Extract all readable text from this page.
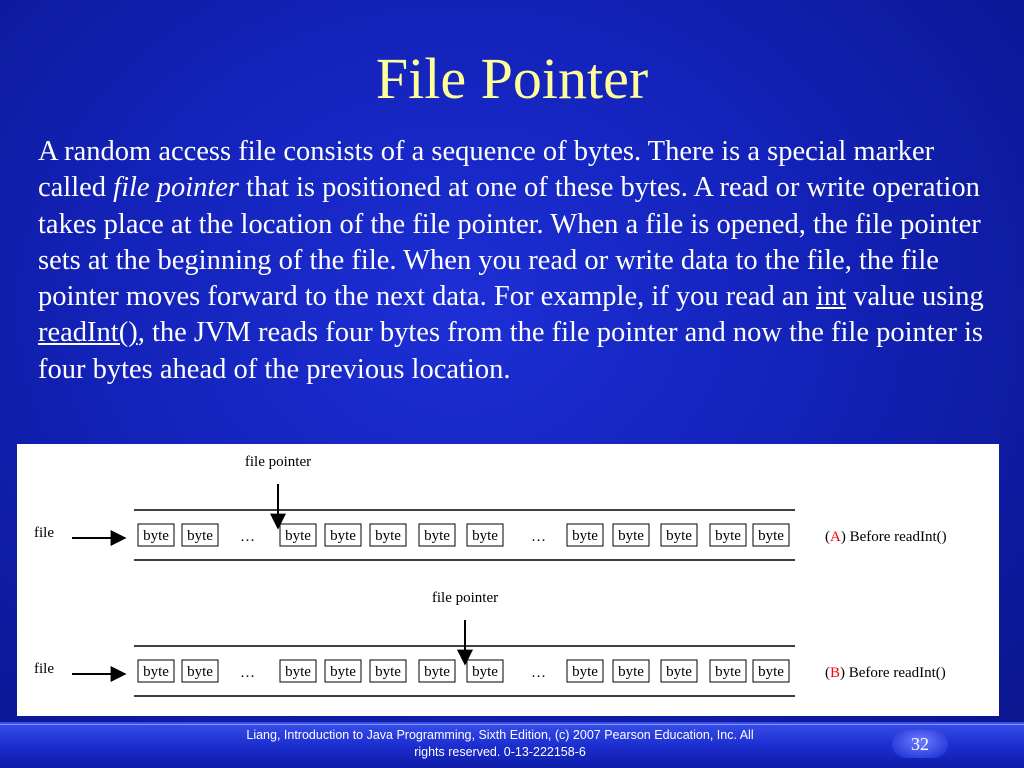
File Pointer
A random access file consists of a sequence of bytes. There is a special marker called file pointer that is positioned at one of these bytes. A read or write operation takes place at the location of the file pointer. When a file is opened, the file pointer sets at the beginning of the file. When you read or write data to the file, the file pointer moves forward to the next data. For example, if you read an int value using readInt(), the JVM reads four bytes from the file pointer and now the file pointer is four bytes ahead of the previous location.
file	byte byte	byte byte byte byte byte	byte byte byte byte byte
…	…
file pointer
(A) Before readInt()
file	byte byte	byte byte byte byte byte	byte byte byte byte byte
…	…
file pointer
(B) Before readInt()
Liang, Introduction to Java Programming, Sixth Edition, (c) 2007 Pearson Education, Inc. All
rights reserved. 0-13-222158-6	32
